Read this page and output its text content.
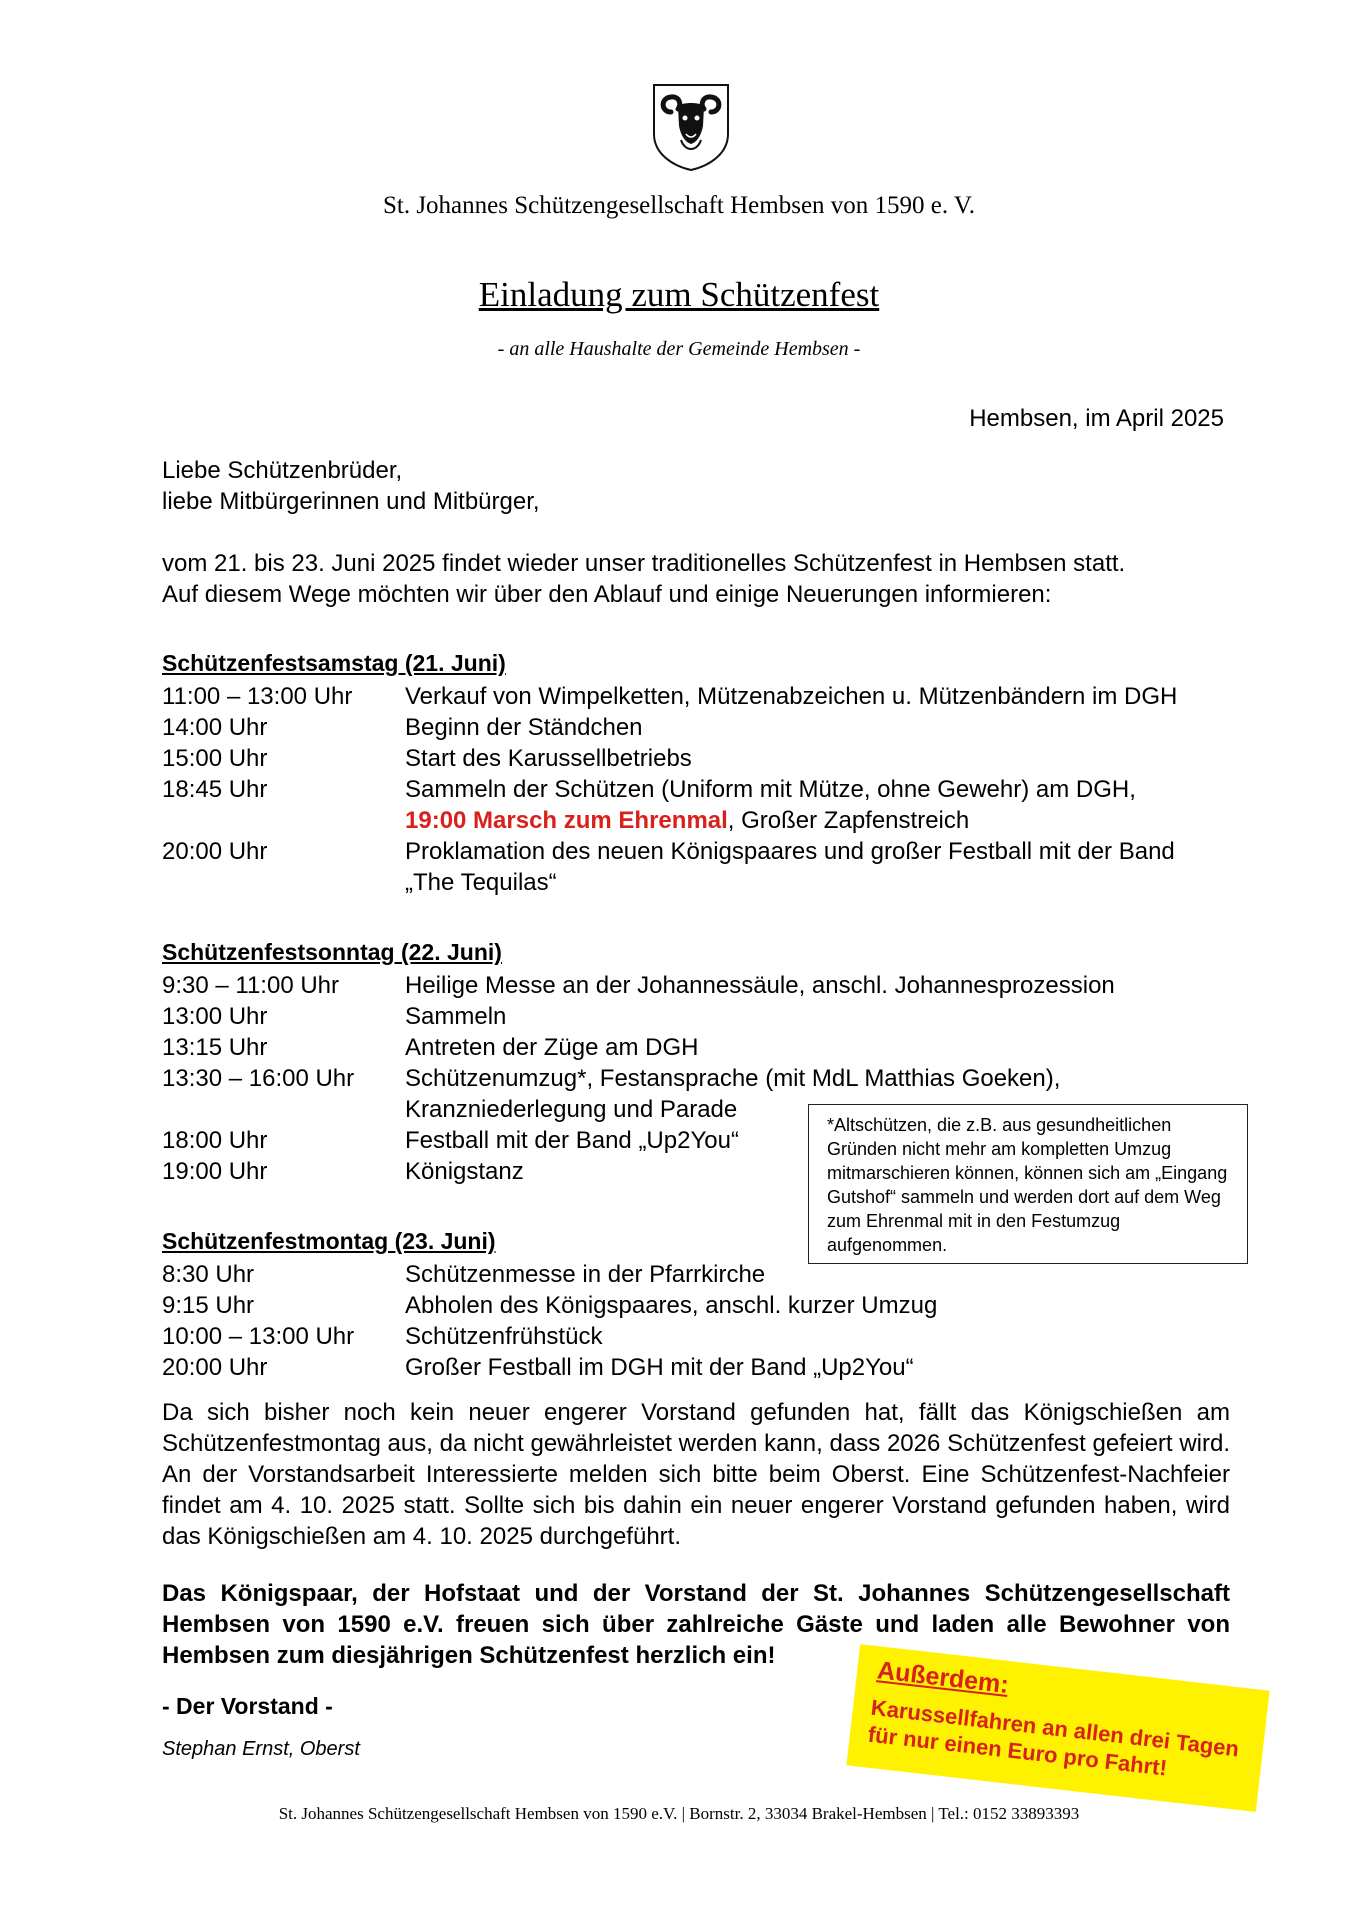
St. Johannes Schützengesellschaft Hembsen von 1590 e. V.
Einladung zum Schützenfest
- an alle Haushalte der Gemeinde Hembsen -
Hembsen, im April 2025
Liebe Schützenbrüder,
liebe Mitbürgerinnen und Mitbürger,
vom 21. bis 23. Juni 2025 findet wieder unser traditionelles Schützenfest in Hembsen statt.
Auf diesem Wege möchten wir über den Ablauf und einige Neuerungen informieren:
Schützenfestsamstag (21. Juni)
11:00 – 13:00 Uhr Verkauf von Wimpelketten, Mützenabzeichen u. Mützenbändern im DGH
14:00 Uhr	Beginn der Ständchen
15:00 Uhr	Start des Karussellbetriebs
18:45 Uhr	Sammeln der Schützen (Uniform mit Mütze, ohne Gewehr) am DGH,
19:00 Marsch zum Ehrenmal, Großer Zapfenstreich
20:00 Uhr	Proklamation des neuen Königspaares und großer Festball mit der Band
„The Tequilas“
Schützenfestsonntag (22. Juni)
9:30 – 11:00 Uhr	Heilige Messe an der Johannessäule, anschl. Johannesprozession
13:00 Uhr	Sammeln
13:15 Uhr	Antreten der Züge am DGH
13:30 – 16:00 Uhr Schützenumzug*, Festansprache (mit MdL Matthias Goeken),
Kranzniederlegung und Parade
18:00 Uhr	Festball mit der Band „Up2You“
19:00 Uhr	Königstanz
*Altschützen, die z.B. aus gesundheitlichen Gründen nicht mehr am kompletten Umzug mitmarschieren können, können sich am „Eingang Gutshof“ sammeln und werden dort auf dem Weg zum Ehrenmal mit in den Festumzug aufgenommen.
Schützenfestmontag (23. Juni)
8:30 Uhr	Schützenmesse in der Pfarrkirche
9:15 Uhr	Abholen des Königspaares, anschl. kurzer Umzug
10:00 – 13:00 Uhr Schützenfrühstück
20:00 Uhr	Großer Festball im DGH mit der Band „Up2You“
Da sich bisher noch kein neuer engerer Vorstand gefunden hat, fällt das Königschießen am Schützenfestmontag aus, da nicht gewährleistet werden kann, dass 2026 Schützenfest gefeiert wird. An der Vorstandsarbeit Interessierte melden sich bitte beim Oberst. Eine Schützenfest-Nachfeier findet am 4. 10. 2025 statt. Sollte sich bis dahin ein neuer engerer Vorstand gefunden haben, wird das Königschießen am 4. 10. 2025 durchgeführt.
Das Königspaar, der Hofstaat und der Vorstand der St. Johannes Schützengesellschaft Hembsen von 1590 e.V. freuen sich über zahlreiche Gäste und laden alle Bewohner von Hembsen zum diesjährigen Schützenfest herzlich ein!
- Der Vorstand -
Stephan Ernst, Oberst
Außerdem:
Karussellfahren an allen drei Tagen für nur einen Euro pro Fahrt!
St. Johannes Schützengesellschaft Hembsen von 1590 e.V. | Bornstr. 2, 33034 Brakel-Hembsen | Tel.: 0152 33893393
